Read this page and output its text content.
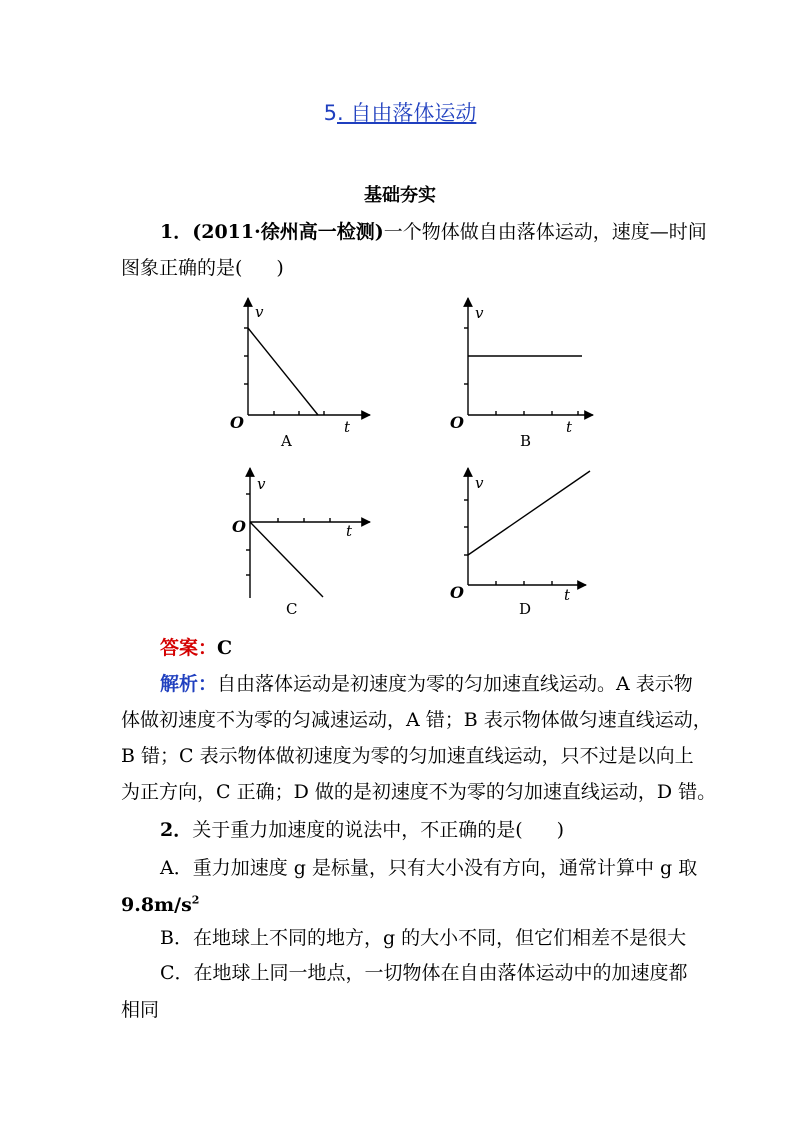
5. 自由落体运动
基础夯实
1．(2011·徐州高一检测)一个物体做自由落体运动，速度—时间
图象正确的是( )
v
O	t
A
v
O	t
B
v
O	t
C
v
O	t
D
答案：C
解析：自由落体运动是初速度为零的匀加速直线运动。A 表示物
体做初速度不为零的匀减速运动，A 错；B 表示物体做匀速直线运动，
B 错；C 表示物体做初速度为零的匀加速直线运动，只不过是以向上
为正方向，C 正确；D 做的是初速度不为零的匀加速直线运动，D 错。
2．关于重力加速度的说法中，不正确的是( )
A．重力加速度 g 是标量，只有大小没有方向，通常计算中 g 取
$9.8m/s^2$
B．在地球上不同的地方，g 的大小不同，但它们相差不是很大
C．在地球上同一地点，一切物体在自由落体运动中的加速度都
相同
